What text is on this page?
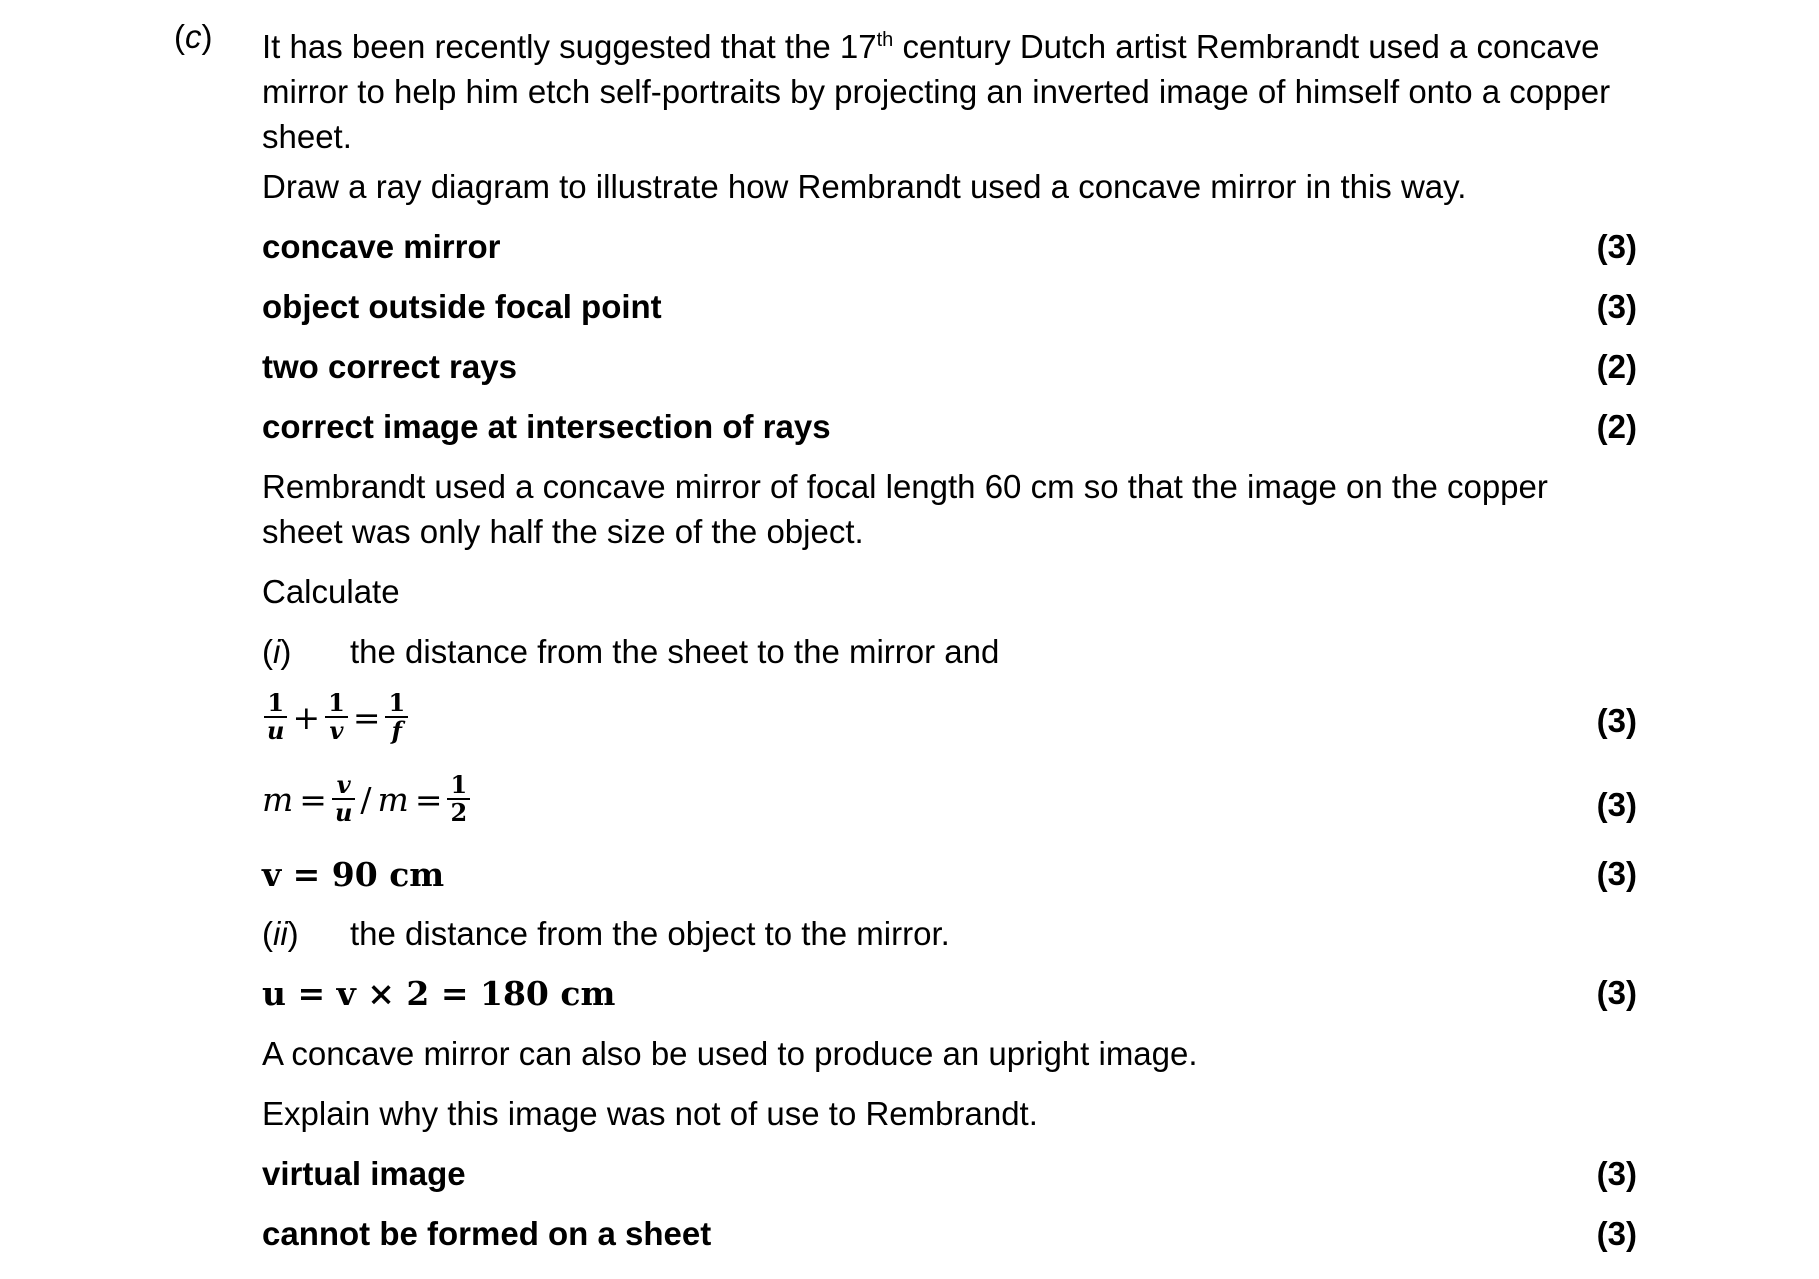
(c) It has been recently suggested that the 17th century Dutch artist Rembrandt used a concave mirror to help him etch self-portraits by projecting an inverted image of himself onto a copper sheet.
Draw a ray diagram to illustrate how Rembrandt used a concave mirror in this way.
concave mirror	(3)
object outside focal point	(3)
two correct rays	(2)
correct image at intersection of rays	(2)
Rembrandt used a concave mirror of focal length 60 cm so that the image on the copper
sheet was only half the size of the object.
Calculate
(i) the distance from the sheet to the mirror and
$\frac{1}{u} + \frac{1}{v} = \frac{1}{f}$	(3)
$m = \frac{v}{u} / m = \frac{1}{2}$	(3)
v = 90 cm	(3)
(ii) the distance from the object to the mirror.
u = v × 2 = 180 cm	(3)
A concave mirror can also be used to produce an upright image.
Explain why this image was not of use to Rembrandt.
virtual image	(3)
cannot be formed on a sheet	(3)
